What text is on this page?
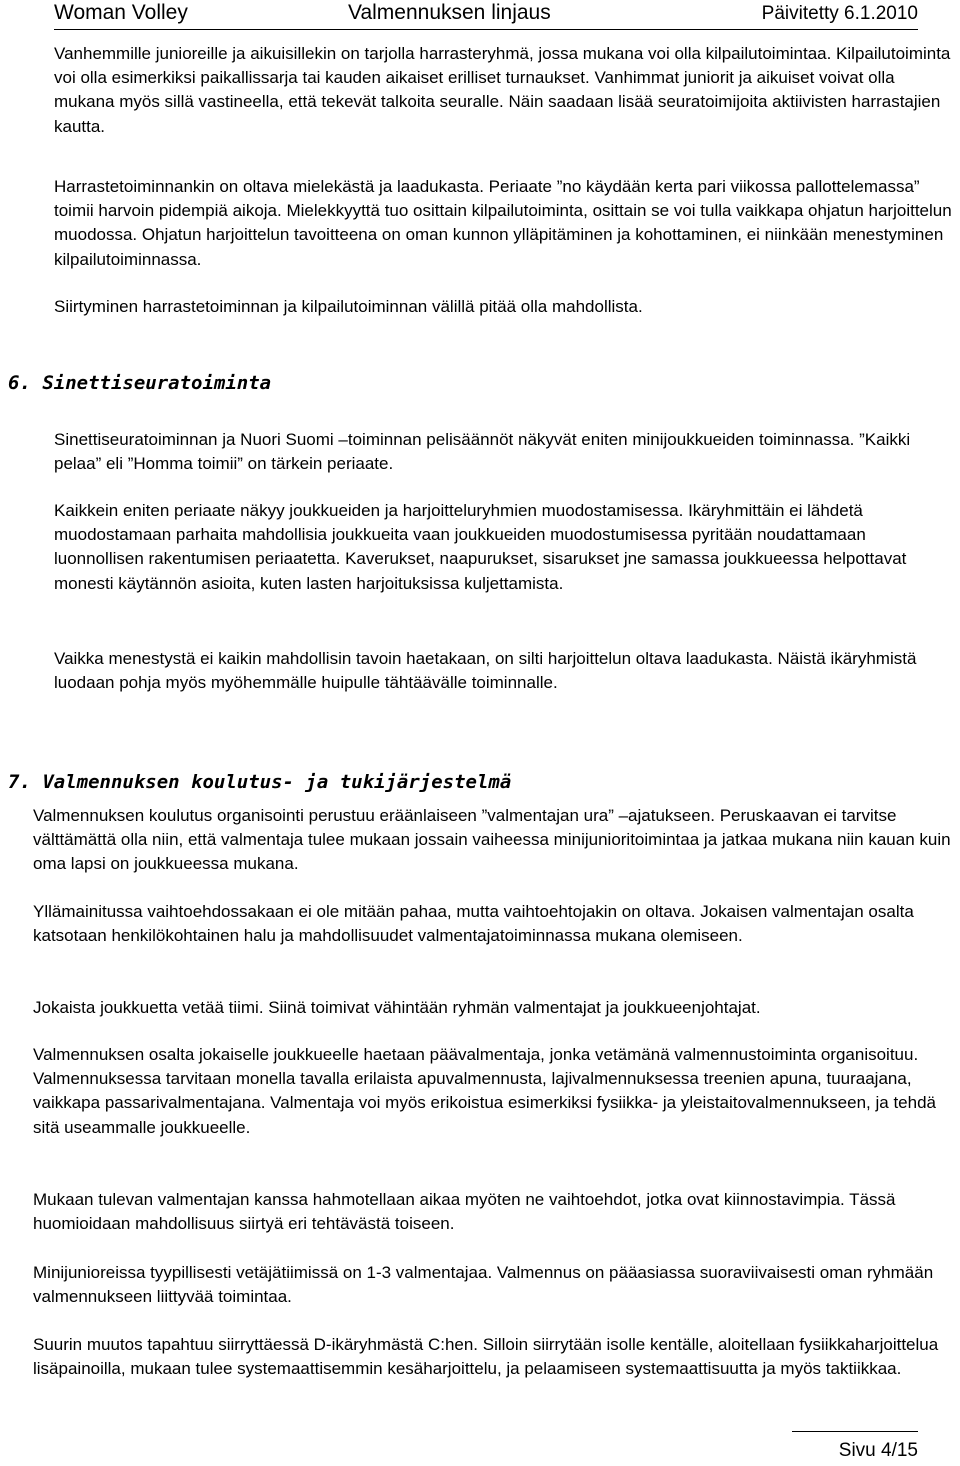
Woman Volley	Valmennuksen linjaus	Päivitetty 6.1.2010

Vanhemmille junioreille ja aikuisillekin on tarjolla harrasteryhmä, jossa mukana voi olla kilpailutoimintaa. Kilpailutoiminta voi olla esimerkiksi paikallissarja tai kauden aikaiset erilliset turnaukset. Vanhimmat juniorit ja aikuiset voivat olla mukana myös sillä vastineella, että tekevät talkoita seuralle. Näin saadaan lisää seuratoimijoita aktiivisten harrastajien kautta.

Harrastetoiminnankin on oltava mielekästä ja laadukasta. Periaate ”no käydään kerta pari viikossa pallottelemassa” toimii harvoin pidempiä aikoja. Mielekkyyttä tuo osittain kilpailutoiminta, osittain se voi tulla vaikkapa ohjatun harjoittelun muodossa. Ohjatun harjoittelun tavoitteena on oman kunnon ylläpitäminen ja kohottaminen, ei niinkään menestyminen kilpailutoiminnassa.

Siirtyminen harrastetoiminnan ja kilpailutoiminnan välillä pitää olla mahdollista.

6. Sinettiseuratoiminta

Sinettiseuratoiminnan ja Nuori Suomi –toiminnan pelisäännöt näkyvät eniten minijoukkueiden toiminnassa. ”Kaikki pelaa” eli ”Homma toimii” on tärkein periaate.

Kaikkein eniten periaate näkyy joukkueiden ja harjoitteluryhmien muodostamisessa. Ikäryhmittäin ei lähdetä muodostamaan parhaita mahdollisia joukkueita vaan joukkueiden muodostumisessa pyritään noudattamaan luonnollisen rakentumisen periaatetta. Kaverukset, naapurukset, sisarukset jne samassa joukkueessa helpottavat monesti käytännön asioita, kuten lasten harjoituksissa kuljettamista.

Vaikka menestystä ei kaikin mahdollisin tavoin haetakaan, on silti harjoittelun oltava laadukasta. Näistä ikäryhmistä luodaan pohja myös myöhemmälle huipulle tähtäävälle toiminnalle.

7. Valmennuksen koulutus- ja tukijärjestelmä

Valmennuksen koulutus organisointi perustuu eräänlaiseen ”valmentajan ura” –ajatukseen. Peruskaavan ei tarvitse välttämättä olla niin, että valmentaja tulee mukaan jossain vaiheessa minijunioritoimintaa ja jatkaa mukana niin kauan kuin oma lapsi on joukkueessa mukana.

Yllämainitussa vaihtoehdossakaan ei ole mitään pahaa, mutta vaihtoehtojakin on oltava. Jokaisen valmentajan osalta katsotaan henkilökohtainen halu ja mahdollisuudet valmentajatoiminnassa mukana olemiseen.

Jokaista joukkuetta vetää tiimi. Siinä toimivat vähintään ryhmän valmentajat ja joukkueenjohtajat.

Valmennuksen osalta jokaiselle joukkueelle haetaan päävalmentaja, jonka vetämänä valmennustoiminta organisoituu. Valmennuksessa tarvitaan monella tavalla erilaista apuvalmennusta, lajivalmennuksessa treenien apuna, tuuraajana, vaikkapa passarivalmentajana. Valmentaja voi myös erikoistua esimerkiksi fysiikka- ja yleistaitovalmennukseen, ja tehdä sitä useammalle joukkueelle.

Mukaan tulevan valmentajan kanssa hahmotellaan aikaa myöten ne vaihtoehdot, jotka ovat kiinnostavimpia. Tässä huomioidaan mahdollisuus siirtyä eri tehtävästä toiseen.

Minijunioreissa tyypillisesti vetäjätiimissä on 1-3 valmentajaa. Valmennus on pääasiassa suoraviivaisesti oman ryhmään valmennukseen liittyvää toimintaa.

Suurin muutos tapahtuu siirryttäessä D-ikäryhmästä C:hen. Silloin siirrytään isolle kentälle, aloitellaan fysiikkaharjoittelua lisäpainoilla, mukaan tulee systemaattisemmin kesäharjoittelu, ja pelaamiseen systemaattisuutta ja myös taktiikkaa.

Sivu 4/15
